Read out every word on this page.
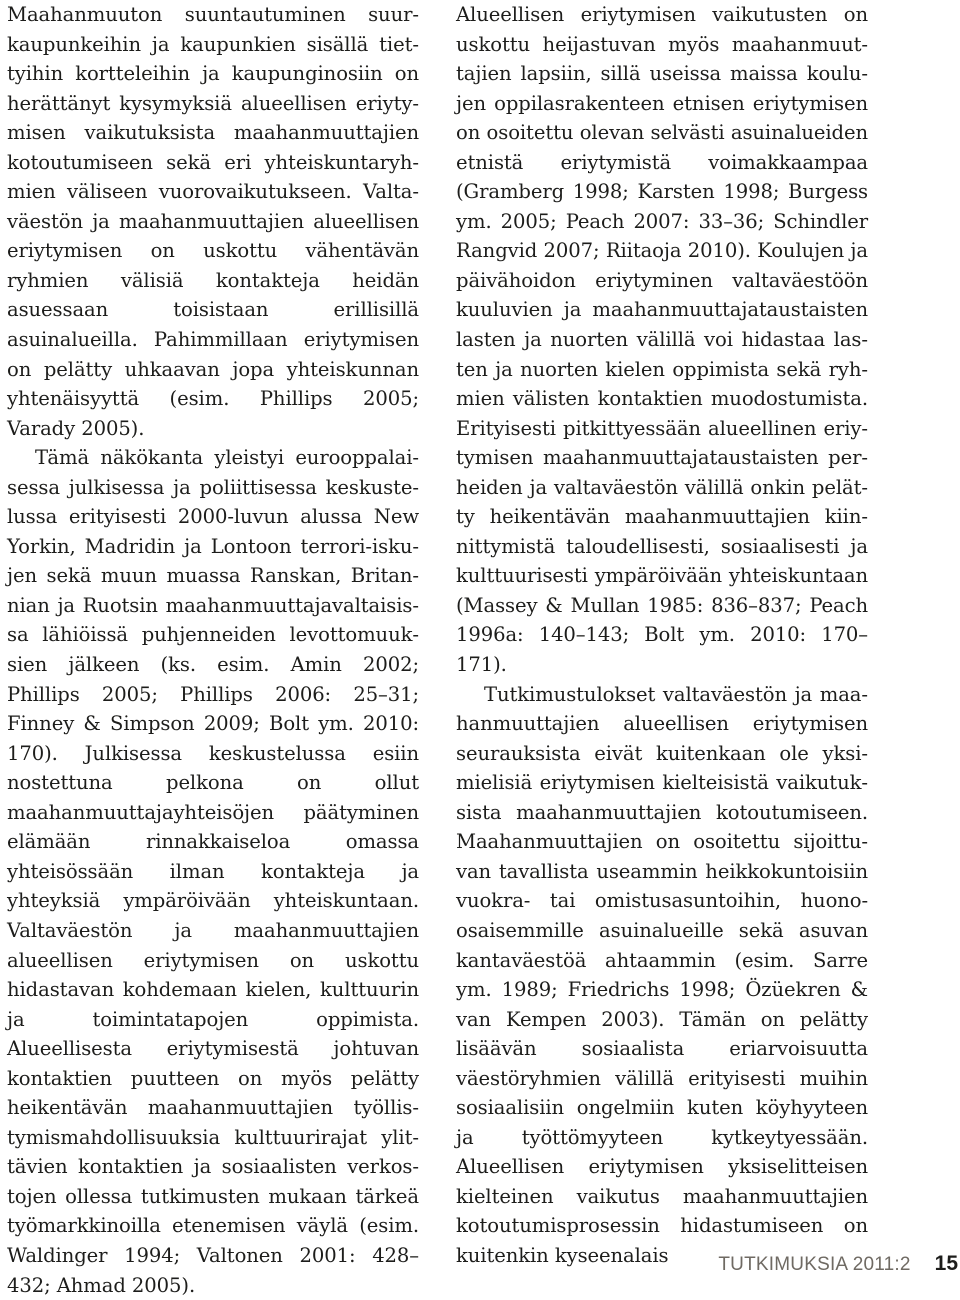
Maahanmuuton suuntautuminen suurkaupunkeihin ja kaupunkien sisällä tiettyihin kortteleihin ja kaupunginosiin on herättänyt kysymyksiä alueellisen eriytymisen vaikutuksista maahanmuuttajien kotoutumiseen sekä eri yhteiskuntaryhmien väliseen vuorovaikutukseen. Valtaväestön ja maahanmuuttajien alueellisen eriytymisen on uskottu vähentävän ryhmien välisiä kontakteja heidän asuessaan toisistaan erillisillä asuinalueilla. Pahimmillaan eriytymisen on pelätty uhkaavan jopa yhteiskunnan yhtenäisyyttä (esim. Phillips 2005; Varady 2005).

Tämä näkökanta yleistyi eurooppalaisessa julkisessa ja poliittisessa keskustelussa erityisesti 2000-luvun alussa New Yorkin, Madridin ja Lontoon terrori-iskujen sekä muun muassa Ranskan, Britannian ja Ruotsin maahanmuuttajavaltaisissa lähiöissä puhjenneiden levottomuuksien jälkeen (ks. esim. Amin 2002; Phillips 2005; Phillips 2006: 25–31; Finney & Simpson 2009; Bolt ym. 2010: 170). Julkisessa keskustelussa esiin nostettuna pelkona on ollut maahanmuuttajayhteisöjen päätyminen elämään rinnakkaiseloa omassa yhteisössään ilman kontakteja ja yhteyksiä ympäröivään yhteiskuntaan. Valtaväestön ja maahanmuuttajien alueellisen eriytymisen on uskottu hidastavan kohdemaan kielen, kulttuurin ja toimintatapojen oppimista. Alueellisesta eriytymisestä johtuvan kontaktien puutteen on myös pelätty heikentävän maahanmuuttajien työllistymismahdollisuuksia kulttuurirajat ylittävien kontaktien ja sosiaalisten verkostojen ollessa tutkimusten mukaan tärkeä työmarkkinoilla etenemisen väylä (esim. Waldinger 1994; Valtonen 2001: 428–432; Ahmad 2005).

Alueellisen eriytymisen vaikutusten on uskottu heijastuvan myös maahanmuuttajien lapsiin, sillä useissa maissa koulujen oppilasrakenteen etnisen eriytymisen on osoitettu olevan selvästi asuinalueiden etnistä eriytymistä voimakkaampaa (Gramberg 1998; Karsten 1998; Burgess ym. 2005; Peach 2007: 33–36; Schindler Rangvid 2007; Riitaoja 2010). Koulujen ja päivähoidon eriytyminen valtaväestöön kuuluvien ja maahanmuuttajataustaisten lasten ja nuorten välillä voi hidastaa lasten ja nuorten kielen oppimista sekä ryhmien välisten kontaktien muodostumista. Erityisesti pitkittyessään alueellinen eriytymisen maahanmuuttajataustaisten perheiden ja valtaväestön välillä onkin pelätty heikentävän maahanmuuttajien kiinnittymistä taloudellisesti, sosiaalisesti ja kulttuurisesti ympäröivään yhteiskuntaan (Massey & Mullan 1985: 836–837; Peach 1996a: 140–143; Bolt ym. 2010: 170–171).

Tutkimustulokset valtaväestön ja maahanmuuttajien alueellisen eriytymisen seurauksista eivät kuitenkaan ole yksimielisiä eriytymisen kielteisistä vaikutuksista maahanmuuttajien kotoutumiseen. Maahanmuuttajien on osoitettu sijoittuvan tavallista useammin heikkokuntoisiin vuokra- tai omistusasuntoihin, huono-osaisemmille asuinalueille sekä asuvan kantaväestöä ahtaammin (esim. Sarre ym. 1989; Friedrichs 1998; Özüekren & van Kempen 2003). Tämän on pelätty lisäävän sosiaalista eriarvoisuutta väestöryhmien välillä erityisesti muihin sosiaalisiin ongelmiin kuten köyhyyteen ja työttömyyteen kytkeytyessään. Alueellisen eriytymisen yksiselitteisen kielteinen vaikutus maahanmuuttajien kotoutumisprosessin hidastumiseen on kuitenkin kyseenalais	TUTKIMUKSIA 2011:2 15
